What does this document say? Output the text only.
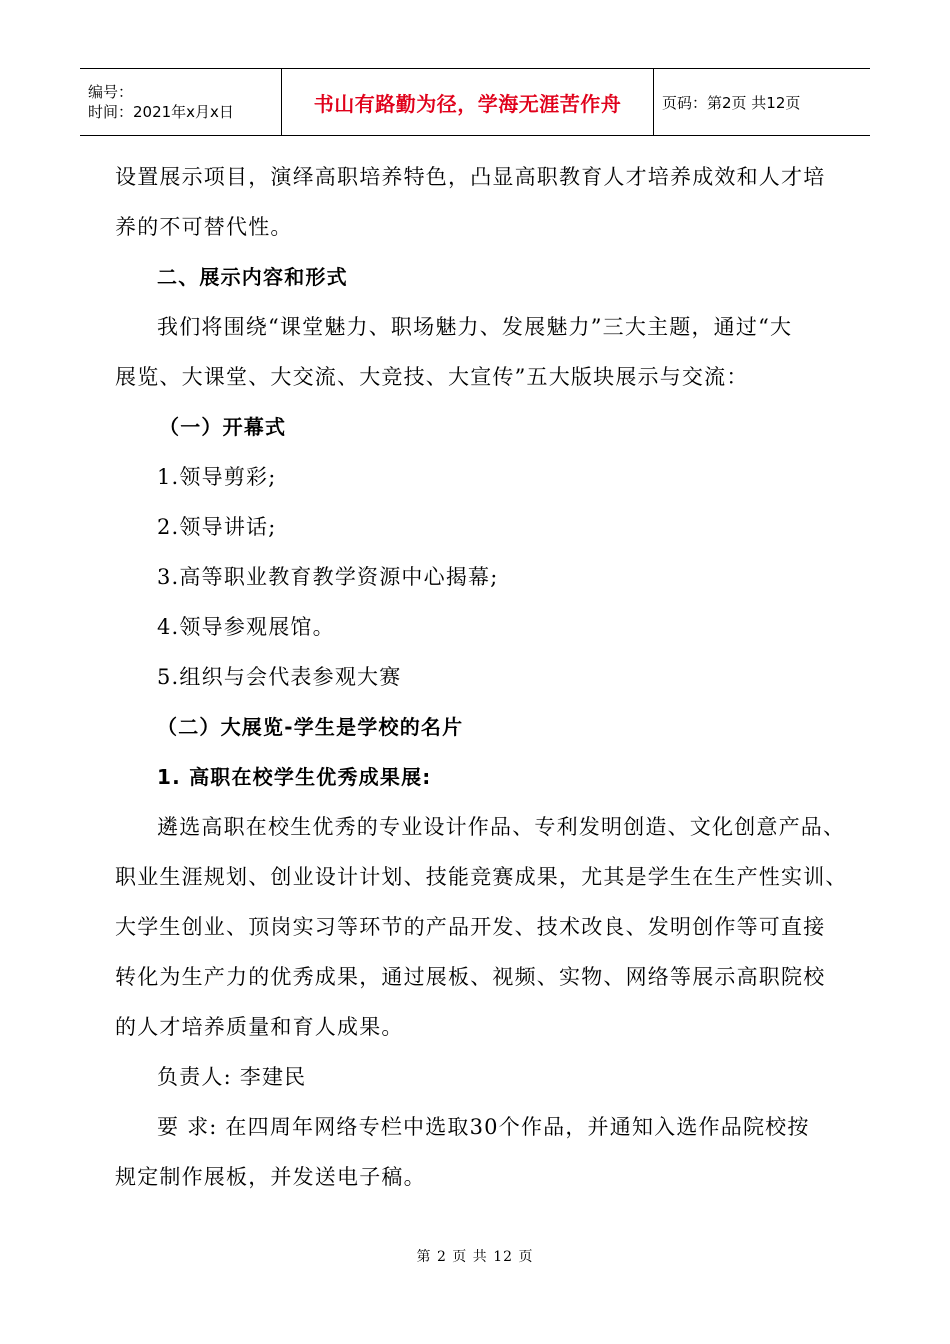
编号：
时间：2021年x月x日	书山有路勤为径，学海无涯苦作舟	页码：第2页 共12页
设置展示项目，演绎高职培养特色，凸显高职教育人才培养成效和人才培
养的不可替代性。
二、展示内容和形式
我们将围绕“课堂魅力、职场魅力、发展魅力”三大主题，通过“大
展览、大课堂、大交流、大竞技、大宣传”五大版块展示与交流：
（一）开幕式
1.领导剪彩;
2.领导讲话;
3.高等职业教育教学资源中心揭幕;
4.领导参观展馆。
5.组织与会代表参观大赛
（二）大展览-学生是学校的名片
1. 高职在校学生优秀成果展:
遴选高职在校生优秀的专业设计作品、专利发明创造、文化创意产品、
职业生涯规划、创业设计计划、技能竞赛成果，尤其是学生在生产性实训、
大学生创业、顶岗实习等环节的产品开发、技术改良、发明创作等可直接
转化为生产力的优秀成果，通过展板、视频、实物、网络等展示高职院校
的人才培养质量和育人成果。
负责人: 李建民
要 求: 在四周年网络专栏中选取30个作品，并通知入选作品院校按
规定制作展板，并发送电子稿。
第 2 页 共 12 页
